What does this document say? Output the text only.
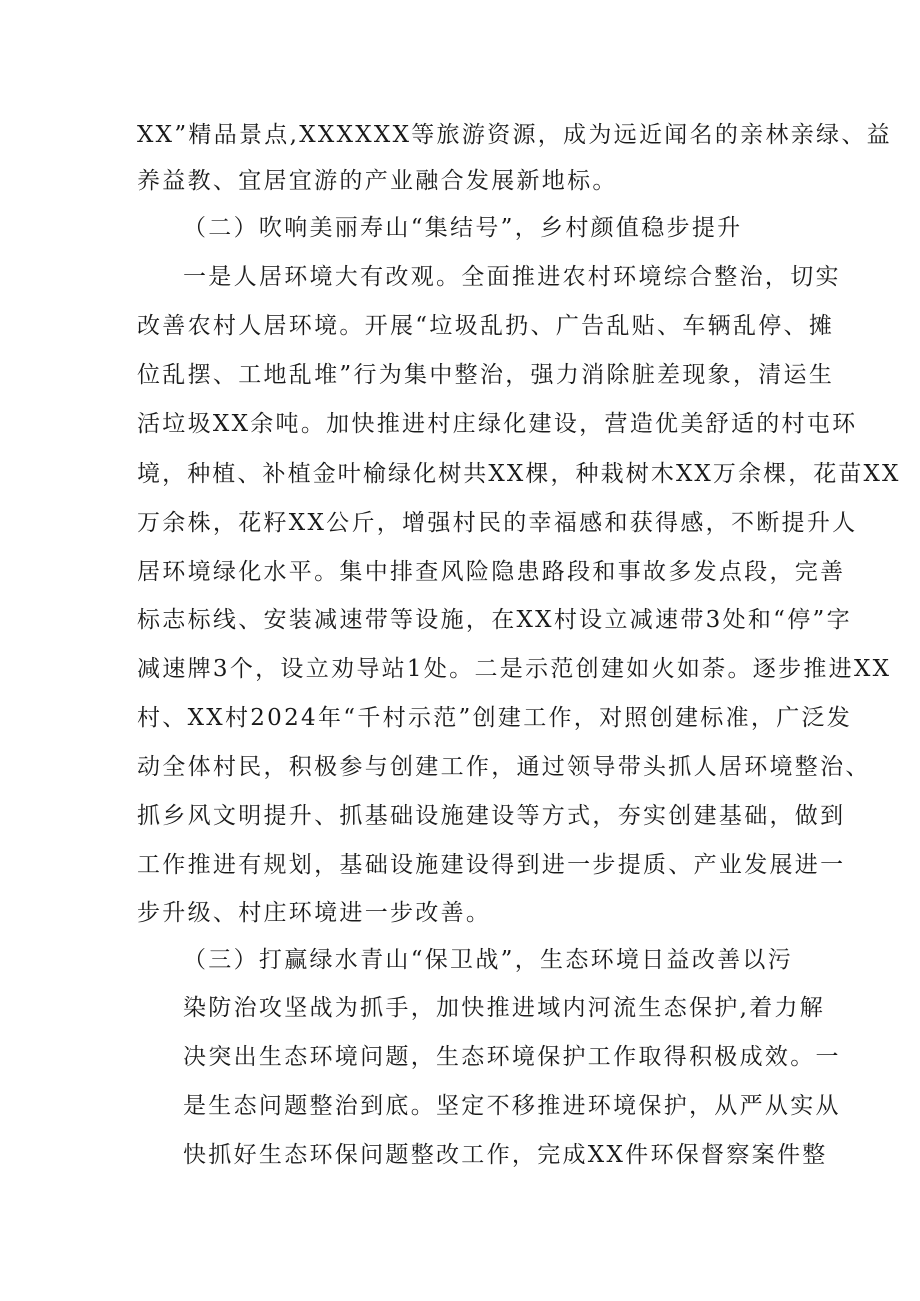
XX”精品景点,XXXXXX等旅游资源，成为远近闻名的亲林亲绿、益
养益教、宜居宜游的产业融合发展新地标。
（二）吹响美丽寿山“集结号”，乡村颜值稳步提升
一是人居环境大有改观。全面推进农村环境综合整治，切实
改善农村人居环境。开展“垃圾乱扔、广告乱贴、车辆乱停、摊
位乱摆、工地乱堆”行为集中整治，强力消除脏差现象，清运生
活垃圾XX余吨。加快推进村庄绿化建设，营造优美舒适的村屯环
境，种植、补植金叶榆绿化树共XX棵，种栽树木XX万余棵，花苗XX
万余株，花籽XX公斤，增强村民的幸福感和获得感，不断提升人
居环境绿化水平。集中排查风险隐患路段和事故多发点段，完善
标志标线、安装减速带等设施，在XX村设立减速带3处和“停”字
减速牌3个，设立劝导站1处。二是示范创建如火如荼。逐步推进XX
村、XX村2024年“千村示范”创建工作，对照创建标准，广泛发
动全体村民，积极参与创建工作，通过领导带头抓人居环境整治、
抓乡风文明提升、抓基础设施建设等方式，夯实创建基础，做到
工作推进有规划，基础设施建设得到进一步提质、产业发展进一
步升级、村庄环境进一步改善。
（三）打赢绿水青山“保卫战”，生态环境日益改善以污
染防治攻坚战为抓手，加快推进域内河流生态保护,着力解
决突出生态环境问题，生态环境保护工作取得积极成效。一
是生态问题整治到底。坚定不移推进环境保护，从严从实从
快抓好生态环保问题整改工作，完成XX件环保督察案件整
